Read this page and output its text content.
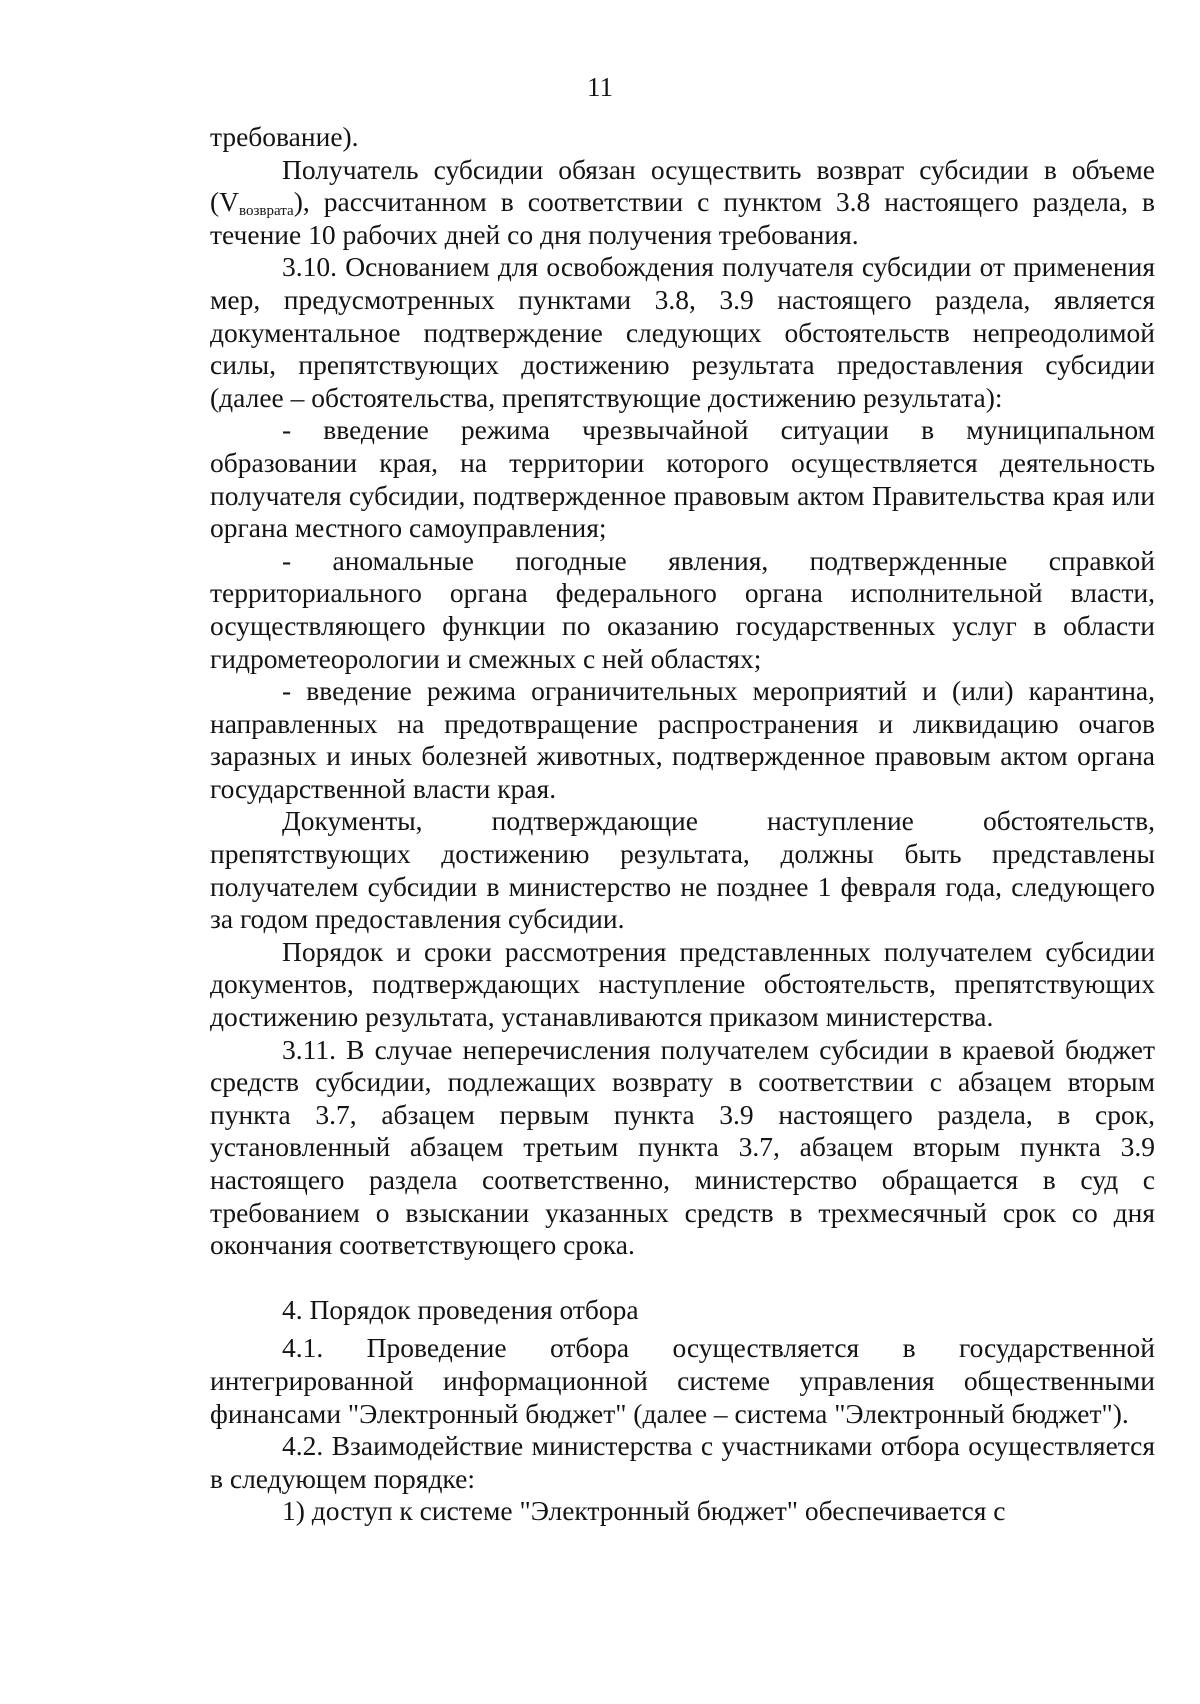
11

требование).

Получатель субсидии обязан осуществить возврат субсидии в объеме $(V_{возврата})$, рассчитанном в соответствии с пунктом 3.8 настоящего раздела, в течение 10 рабочих дней со дня получения требования.

3.10. Основанием для освобождения получателя субсидии от применения мер, предусмотренных пунктами 3.8, 3.9 настоящего раздела, является документальное подтверждение следующих обстоятельств непреодолимой силы, препятствующих достижению результата предоставления субсидии (далее – обстоятельства, препятствующие достижению результата):

- введение режима чрезвычайной ситуации в муниципальном образовании края, на территории которого осуществляется деятельность получателя субсидии, подтвержденное правовым актом Правительства края или органа местного самоуправления;

- аномальные погодные явления, подтвержденные справкой территориального органа федерального органа исполнительной власти, осуществляющего функции по оказанию государственных услуг в области гидрометеорологии и смежных с ней областях;

- введение режима ограничительных мероприятий и (или) карантина, направленных на предотвращение распространения и ликвидацию очагов заразных и иных болезней животных, подтвержденное правовым актом органа государственной власти края.

Документы, подтверждающие наступление обстоятельств, препятствующих достижению результата, должны быть представлены получателем субсидии в министерство не позднее 1 февраля года, следующего за годом предоставления субсидии.

Порядок и сроки рассмотрения представленных получателем субсидии документов, подтверждающих наступление обстоятельств, препятствующих достижению результата, устанавливаются приказом министерства.

3.11. В случае неперечисления получателем субсидии в краевой бюджет средств субсидии, подлежащих возврату в соответствии с абзацем вторым пункта 3.7, абзацем первым пункта 3.9 настоящего раздела, в срок, установленный абзацем третьим пункта 3.7, абзацем вторым пункта 3.9 настоящего раздела соответственно, министерство обращается в суд с требованием о взыскании указанных средств в трехмесячный срок со дня окончания соответствующего срока.

4. Порядок проведения отбора

4.1. Проведение отбора осуществляется в государственной интегрированной информационной системе управления общественными финансами "Электронный бюджет" (далее – система "Электронный бюджет").

4.2. Взаимодействие министерства с участниками отбора осуществляется в следующем порядке:

1) доступ к системе "Электронный бюджет" обеспечивается с
